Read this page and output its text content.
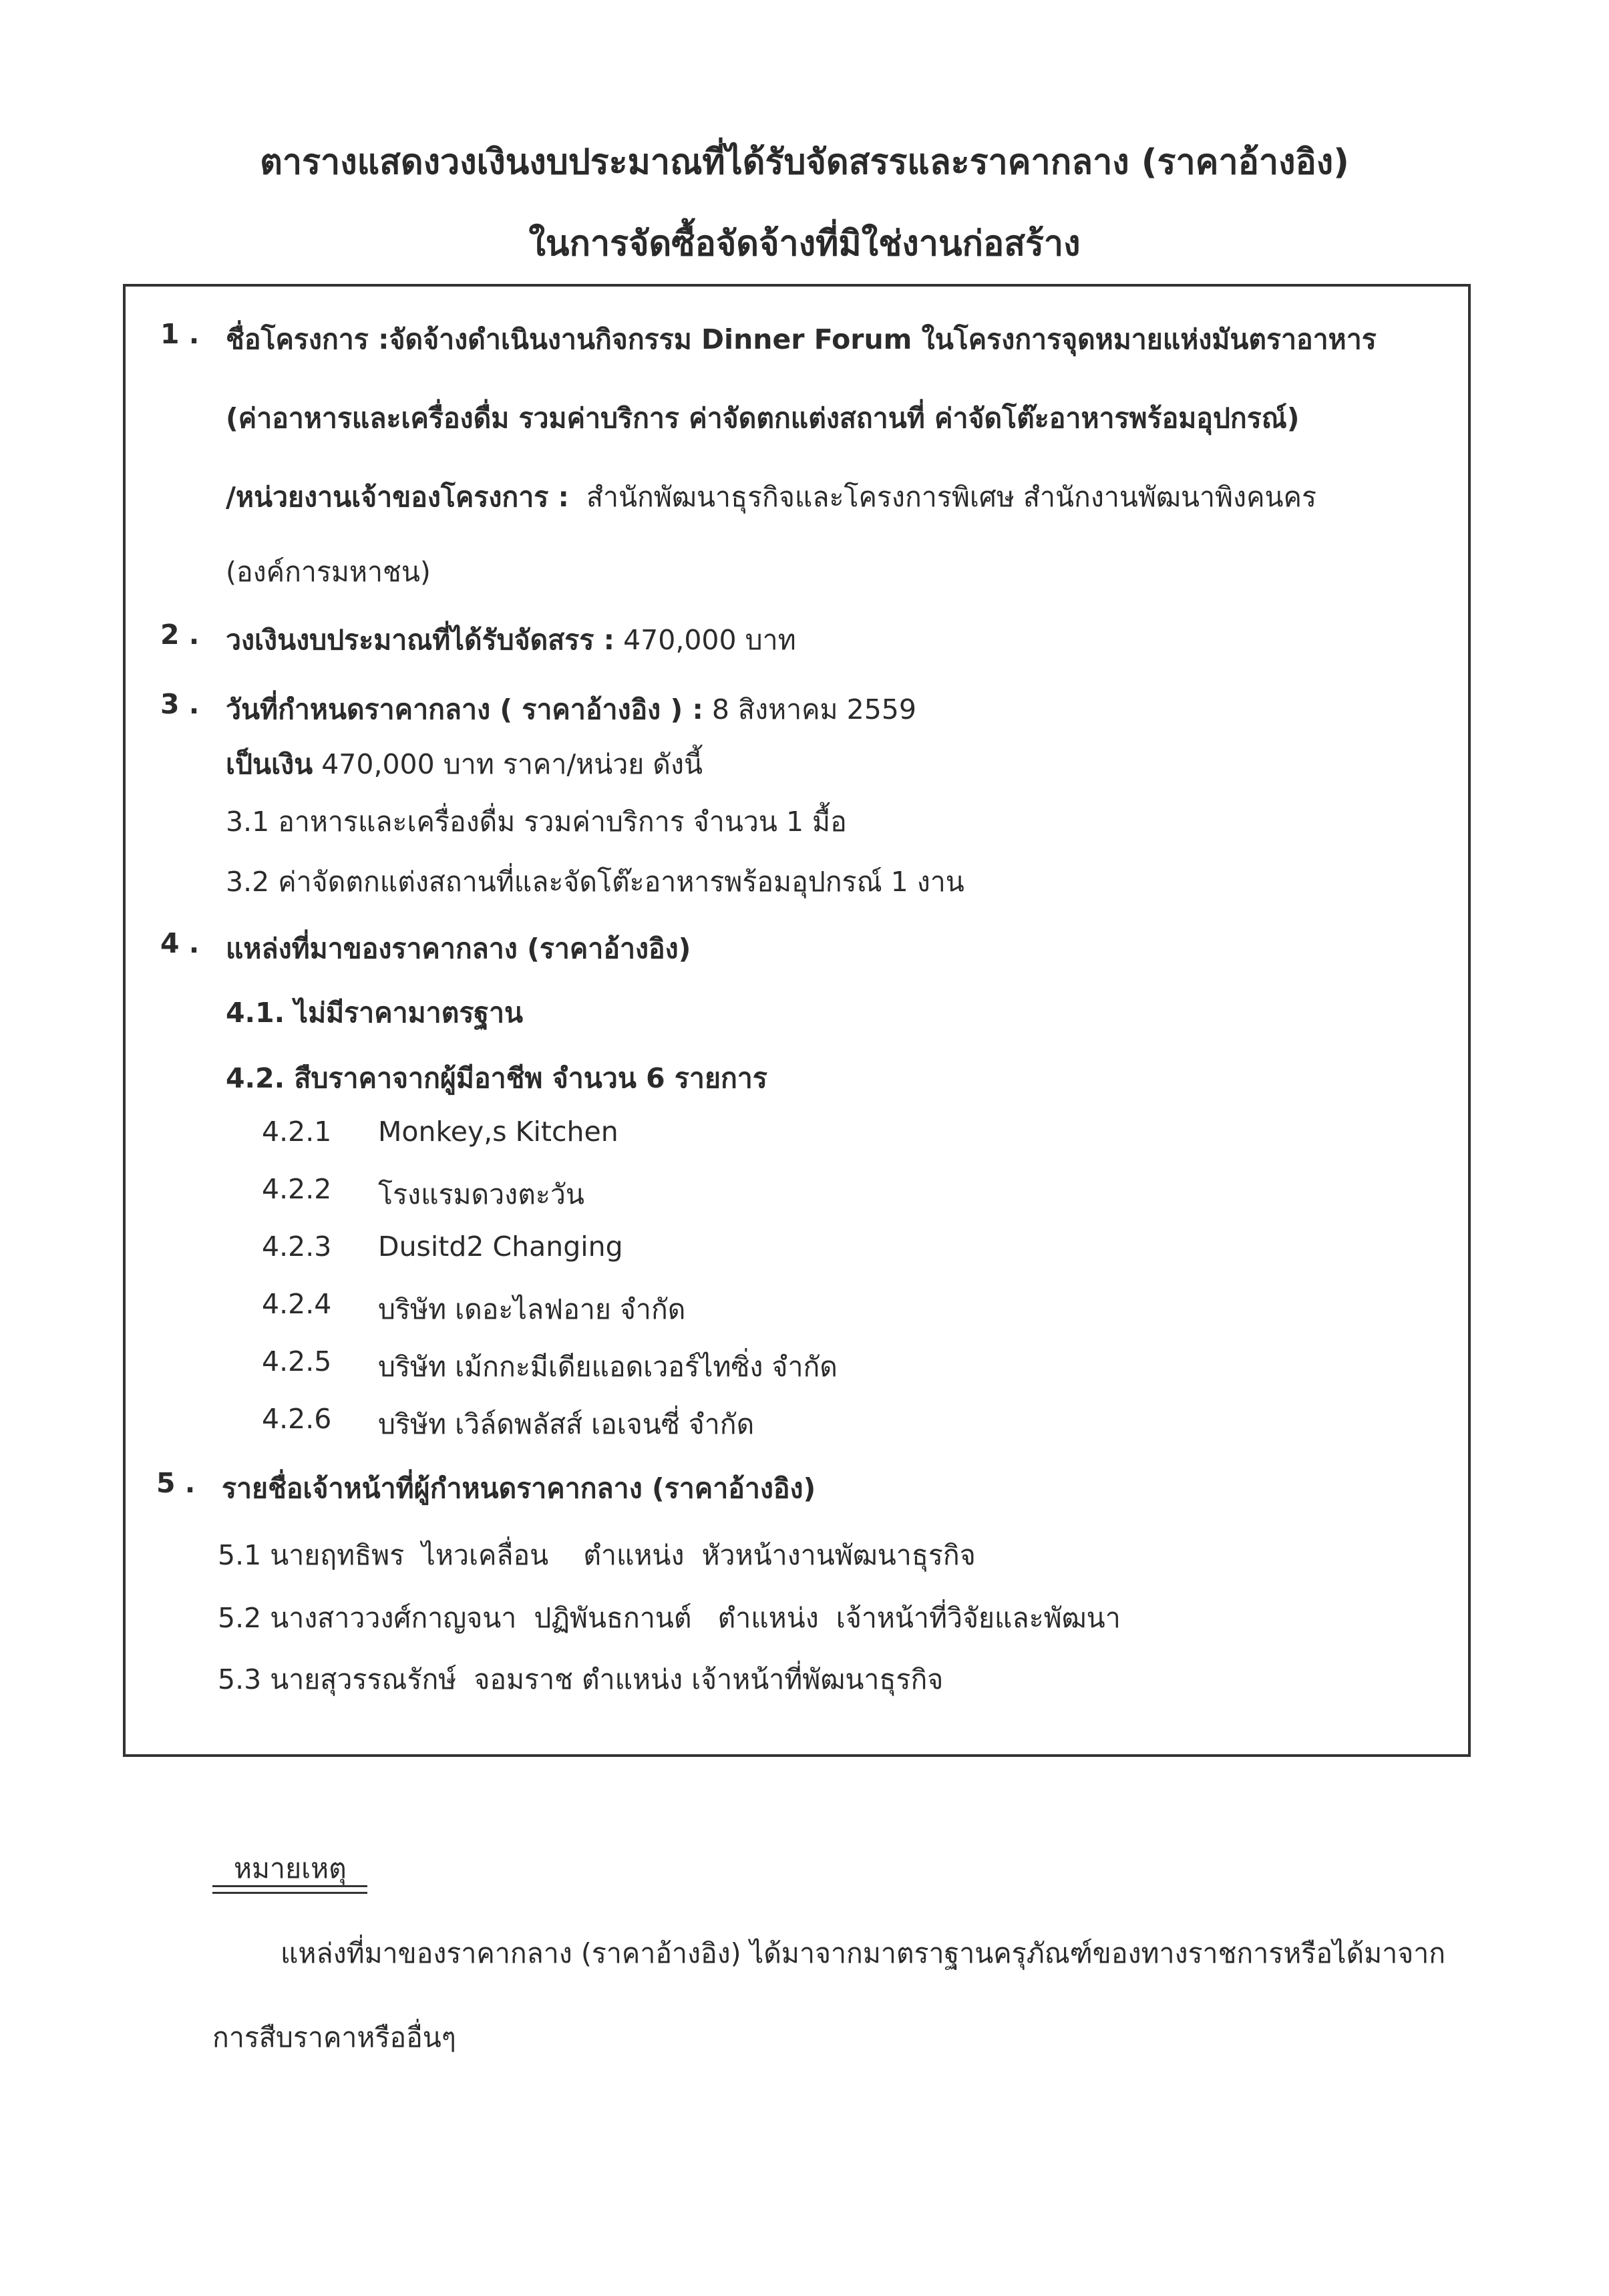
ตารางแสดงวงเงินงบประมาณที่ได้รับจัดสรรและราคากลาง (ราคาอ้างอิง)
ในการจัดซื้อจัดจ้างที่มิใช่งานก่อสร้าง
1 . ชื่อโครงการ :จัดจ้างดำเนินงานกิจกรรม Dinner Forum ในโครงการจุดหมายแห่งมันตราอาหาร
(ค่าอาหารและเครื่องดื่ม รวมค่าบริการ ค่าจัดตกแต่งสถานที่ ค่าจัดโต๊ะอาหารพร้อมอุปกรณ์)
/หน่วยงานเจ้าของโครงการ : สำนักพัฒนาธุรกิจและโครงการพิเศษ สำนักงานพัฒนาพิงคนคร
(องค์การมหาชน)
2 . วงเงินงบประมาณที่ได้รับจัดสรร : 470,000 บาท
3 . วันที่กำหนดราคากลาง ( ราคาอ้างอิง ) : 8 สิงหาคม 2559
เป็นเงิน 470,000 บาท ราคา/หน่วย ดังนี้
3.1 อาหารและเครื่องดื่ม รวมค่าบริการ จำนวน 1 มื้อ
3.2 ค่าจัดตกแต่งสถานที่และจัดโต๊ะอาหารพร้อมอุปกรณ์ 1 งาน
4 . แหล่งที่มาของราคากลาง (ราคาอ้างอิง)
4.1. ไม่มีราคามาตรฐาน
4.2. สืบราคาจากผู้มีอาชีพ จำนวน 6 รายการ
4.2.1 Monkey,s Kitchen
4.2.2 โรงแรมดวงตะวัน
4.2.3 Dusitd2 Changing
4.2.4 บริษัท เดอะไลฟอาย จำกัด
4.2.5 บริษัท เม้กกะมีเดียแอดเวอร์ไทซิ่ง จำกัด
4.2.6 บริษัท เวิล์ดพลัสส์ เอเจนซี่ จำกัด
5 . รายชื่อเจ้าหน้าที่ผู้กำหนดราคากลาง (ราคาอ้างอิง)
5.1 นายฤทธิพร  ไหวเคลื่อน    ตำแหน่ง  หัวหน้างานพัฒนาธุรกิจ
5.2 นางสาววงศ์กาญจนา  ปฏิพันธกานต์   ตำแหน่ง  เจ้าหน้าที่วิจัยและพัฒนา
5.3 นายสุวรรณรักษ์  จอมราช ตำแหน่ง เจ้าหน้าที่พัฒนาธุรกิจ
หมายเหตุ
แหล่งที่มาของราคากลาง (ราคาอ้างอิง) ได้มาจากมาตราฐานครุภัณฑ์ของทางราชการหรือได้มาจาก
การสืบราคาหรืออื่นๆ
